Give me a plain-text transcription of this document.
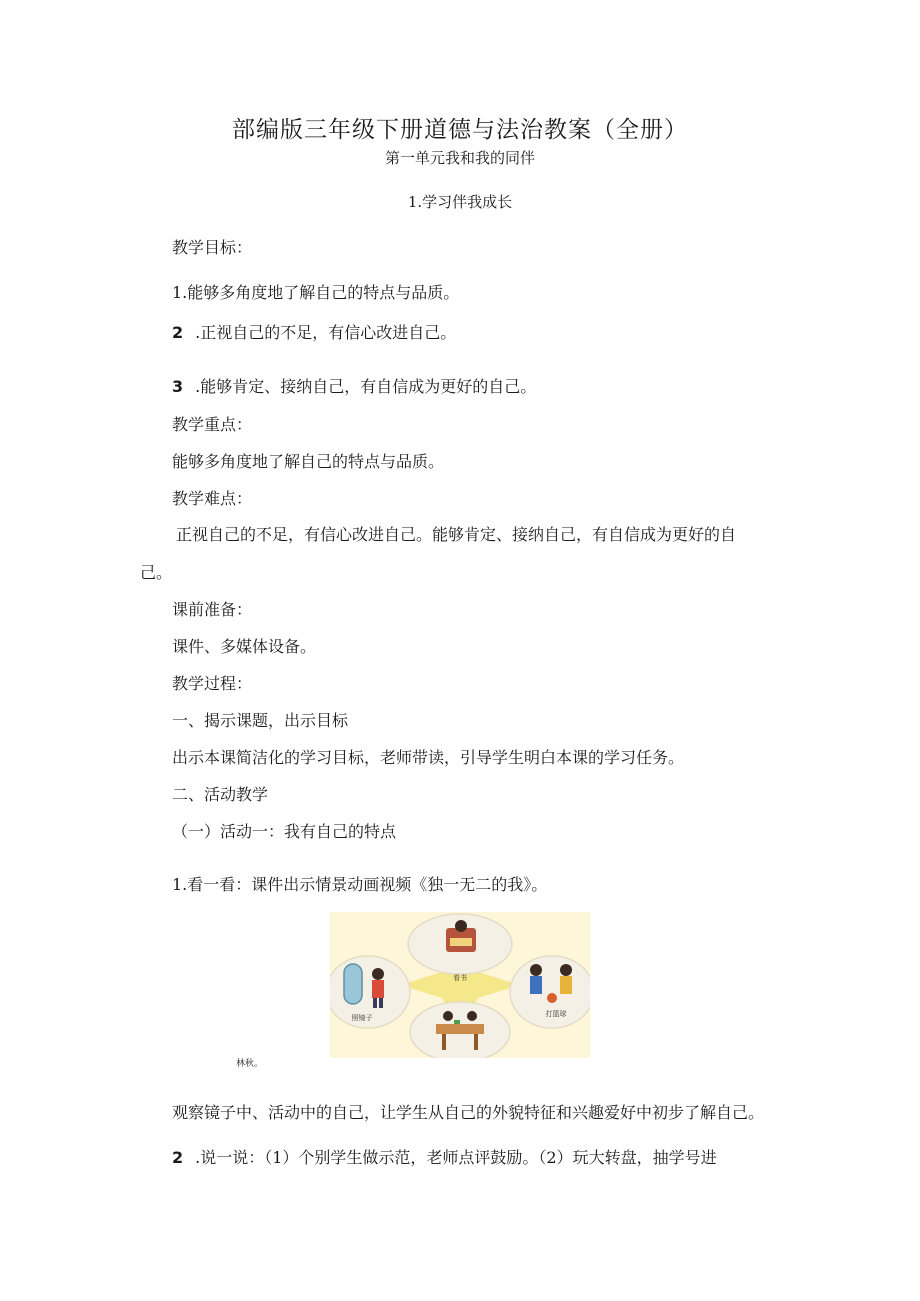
部编版三年级下册道德与法治教案（全册）
第一单元我和我的同伴
1.学习伴我成长
教学目标：
1.能够多角度地了解自己的特点与品质。
2 .正视自己的不足，有信心改进自己。
3 .能够肯定、接纳自己，有自信成为更好的自己。
教学重点：
能够多角度地了解自己的特点与品质。
教学难点：
正视自己的不足，有信心改进自己。能够肯定、接纳自己，有自信成为更好的自
己。
课前准备：
课件、多媒体设备。
教学过程：
一、揭示课题，出示目标
出示本课简洁化的学习目标，老师带读，引导学生明白本课的学习任务。
二、活动教学
（一）活动一：我有自己的特点
1.看一看：课件出示情景动画视频《独一无二的我》。
看书
照镜子	打篮球
林秋。
观察镜子中、活动中的自己，让学生从自己的外貌特征和兴趣爱好中初步了解自己。
2 .说一说：（1）个别学生做示范，老师点评鼓励。（2）玩大转盘，抽学号进
